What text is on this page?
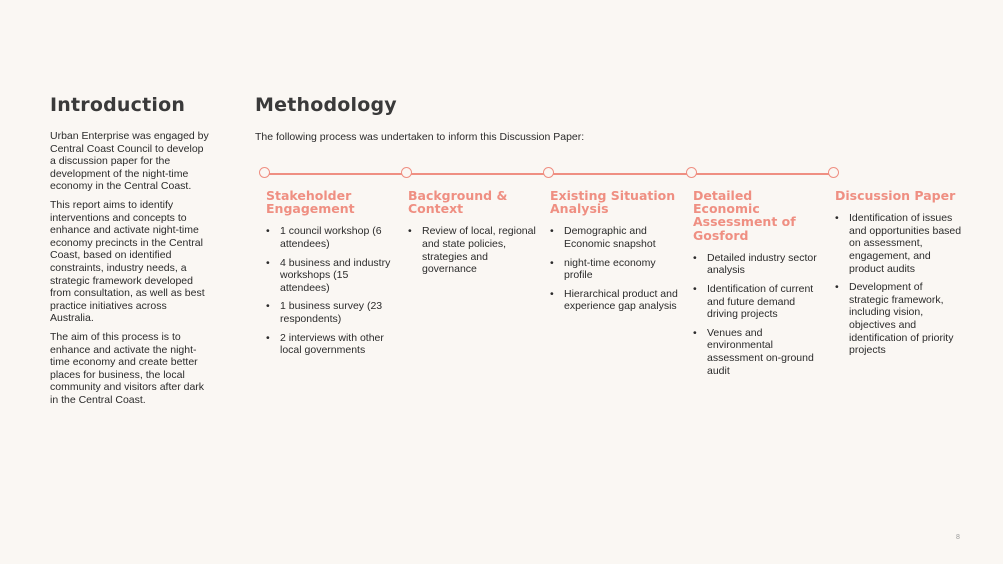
Introduction

Urban Enterprise was engaged by Central Coast Council to develop a discussion paper for the development of the night-time economy in the Central Coast.

This report aims to identify interventions and concepts to enhance and activate night-time economy precincts in the Central Coast, based on identified constraints, industry needs, a strategic framework developed from consultation, as well as best practice initiatives across Australia.

The aim of this process is to enhance and activate the night-time economy and create better places for business, the local community and visitors after dark in the Central Coast.

Methodology

The following process was undertaken to inform this Discussion Paper:

Stakeholder Engagement
• 1 council workshop (6 attendees)
• 4 business and industry workshops (15 attendees)
• 1 business survey (23 respondents)
• 2 interviews with other local governments
Background & Context
• Review of local, regional and state policies, strategies and governance
Existing Situation Analysis
• Demographic and Economic snapshot
• night-time economy profile
• Hierarchical product and experience gap analysis
Detailed Economic Assessment of Gosford
• Detailed industry sector analysis
• Identification of current and future demand driving projects
• Venues and environmental assessment on-ground audit
Discussion Paper
• Identification of issues and opportunities based on assessment, engagement, and product audits
• Development of strategic framework, including vision, objectives and identification of priority projects
8
